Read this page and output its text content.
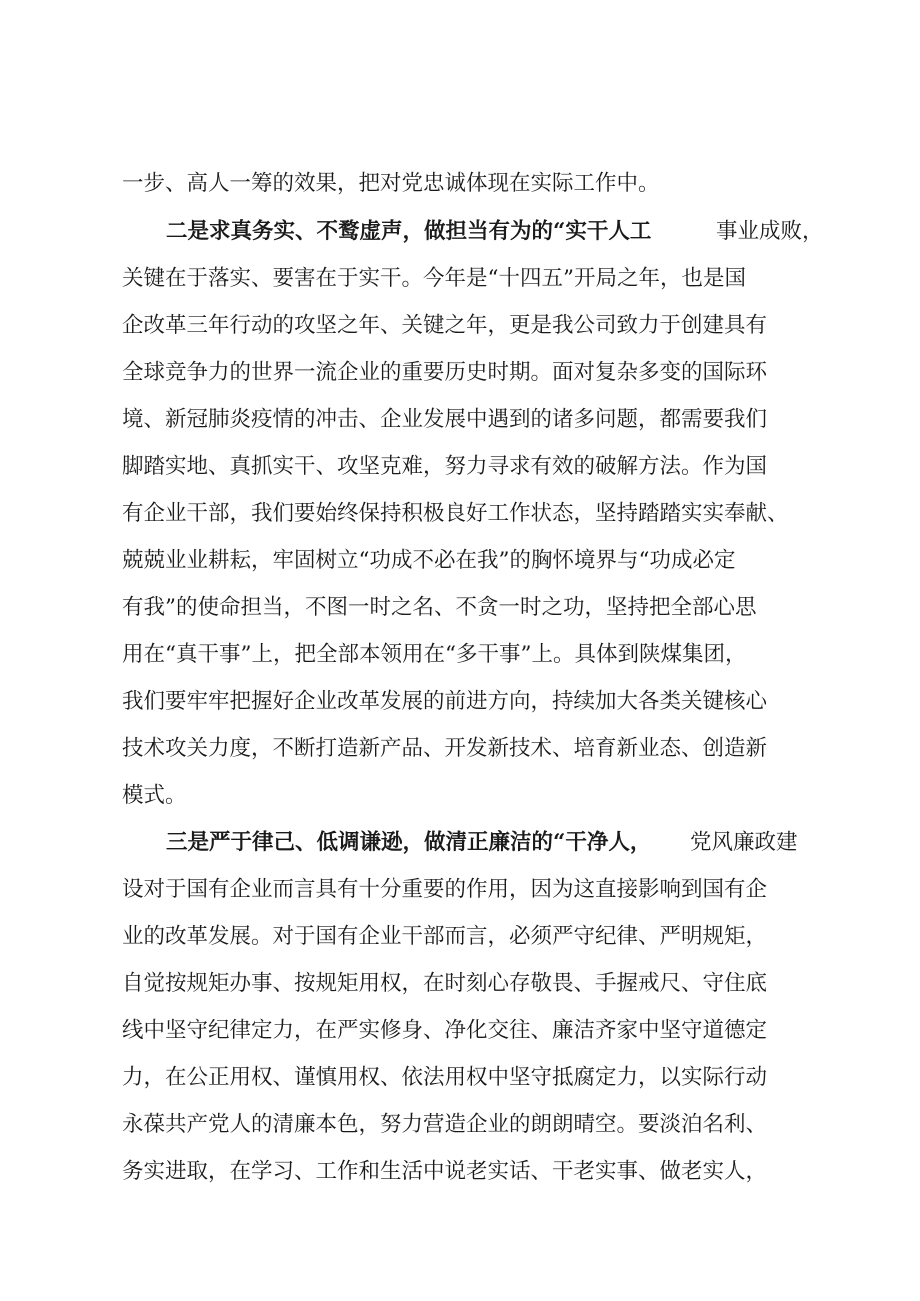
一步、高人一筹的效果，把对党忠诚体现在实际工作中。
二是求真务实、不鹜虚声，做担当有为的“实干人工	事业成败，
关键在于落实、要害在于实干。今年是“十四五”开局之年，也是国
企改革三年行动的攻坚之年、关键之年，更是我公司致力于创建具有
全球竞争力的世界一流企业的重要历史时期。面对复杂多变的国际环
境、新冠肺炎疫情的冲击、企业发展中遇到的诸多问题，都需要我们
脚踏实地、真抓实干、攻坚克难，努力寻求有效的破解方法。作为国
有企业干部，我们要始终保持积极良好工作状态，坚持踏踏实实奉献、
兢兢业业耕耘，牢固树立“功成不必在我”的胸怀境界与“功成必定
有我”的使命担当，不图一时之名、不贪一时之功，坚持把全部心思
用在“真干事”上，把全部本领用在“多干事”上。具体到陕煤集团，
我们要牢牢把握好企业改革发展的前进方向，持续加大各类关键核心
技术攻关力度，不断打造新产品、开发新技术、培育新业态、创造新
模式。
三是严于律己、低调谦逊，做清正廉洁的“干净人， 党风廉政建
设对于国有企业而言具有十分重要的作用，因为这直接影响到国有企
业的改革发展。对于国有企业干部而言，必须严守纪律、严明规矩，
自觉按规矩办事、按规矩用权，在时刻心存敬畏、手握戒尺、守住底
线中坚守纪律定力，在严实修身、净化交往、廉洁齐家中坚守道德定
力，在公正用权、谨慎用权、依法用权中坚守抵腐定力，以实际行动
永葆共产党人的清廉本色，努力营造企业的朗朗晴空。要淡泊名利、
务实进取，在学习、工作和生活中说老实话、干老实事、做老实人，
